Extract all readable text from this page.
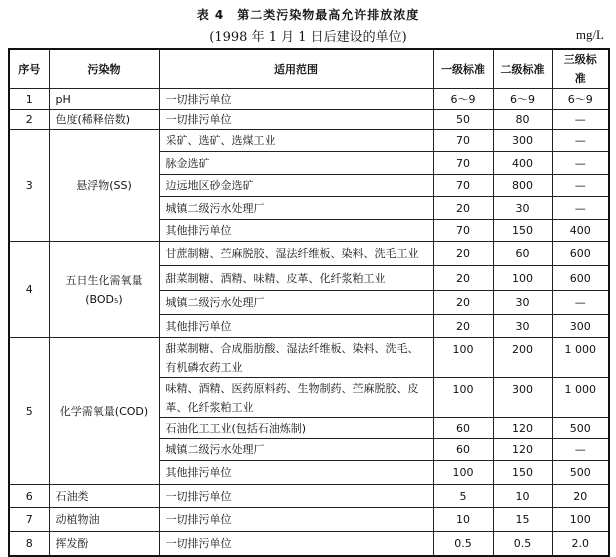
表 4　第二类污染物最高允许排放浓度
(1998 年 1 月 1 日后建设的单位)	mg/L
序号	污染物	适用范围	一级标准	二级标准	三级标准
1	pH	一切排污单位	6～9	6～9	6～9
2	色度(稀释倍数)	一切排污单位	50	80	—
3	悬浮物(SS)	采矿、选矿、选煤工业	70	300	—
		脉金选矿	70	400	—
		边远地区砂金选矿	70	800	—
		城镇二级污水处理厂	20	30	—
		其他排污单位	70	150	400
4	五日生化需氧量 (BOD₅)	甘蔗制糖、苎麻脱胶、湿法纤维板、染料、洗毛工业	20	60	600
		甜菜制糖、酒精、味精、皮革、化纤浆粕工业	20	100	600
		城镇二级污水处理厂	20	30	—
		其他排污单位	20	30	300
5	化学需氧量(COD)	甜菜制糖、合成脂肪酸、湿法纤维板、染料、洗毛、有机磷农药工业	100	200	1 000
		味精、酒精、医药原料药、生物制药、苎麻脱胶、皮革、化纤浆粕工业	100	300	1 000
		石油化工工业(包括石油炼制)	60	120	500
		城镇二级污水处理厂	60	120	—
		其他排污单位	100	150	500
6	石油类	一切排污单位	5	10	20
7	动植物油	一切排污单位	10	15	100
8	挥发酚	一切排污单位	0.5	0.5	2.0
